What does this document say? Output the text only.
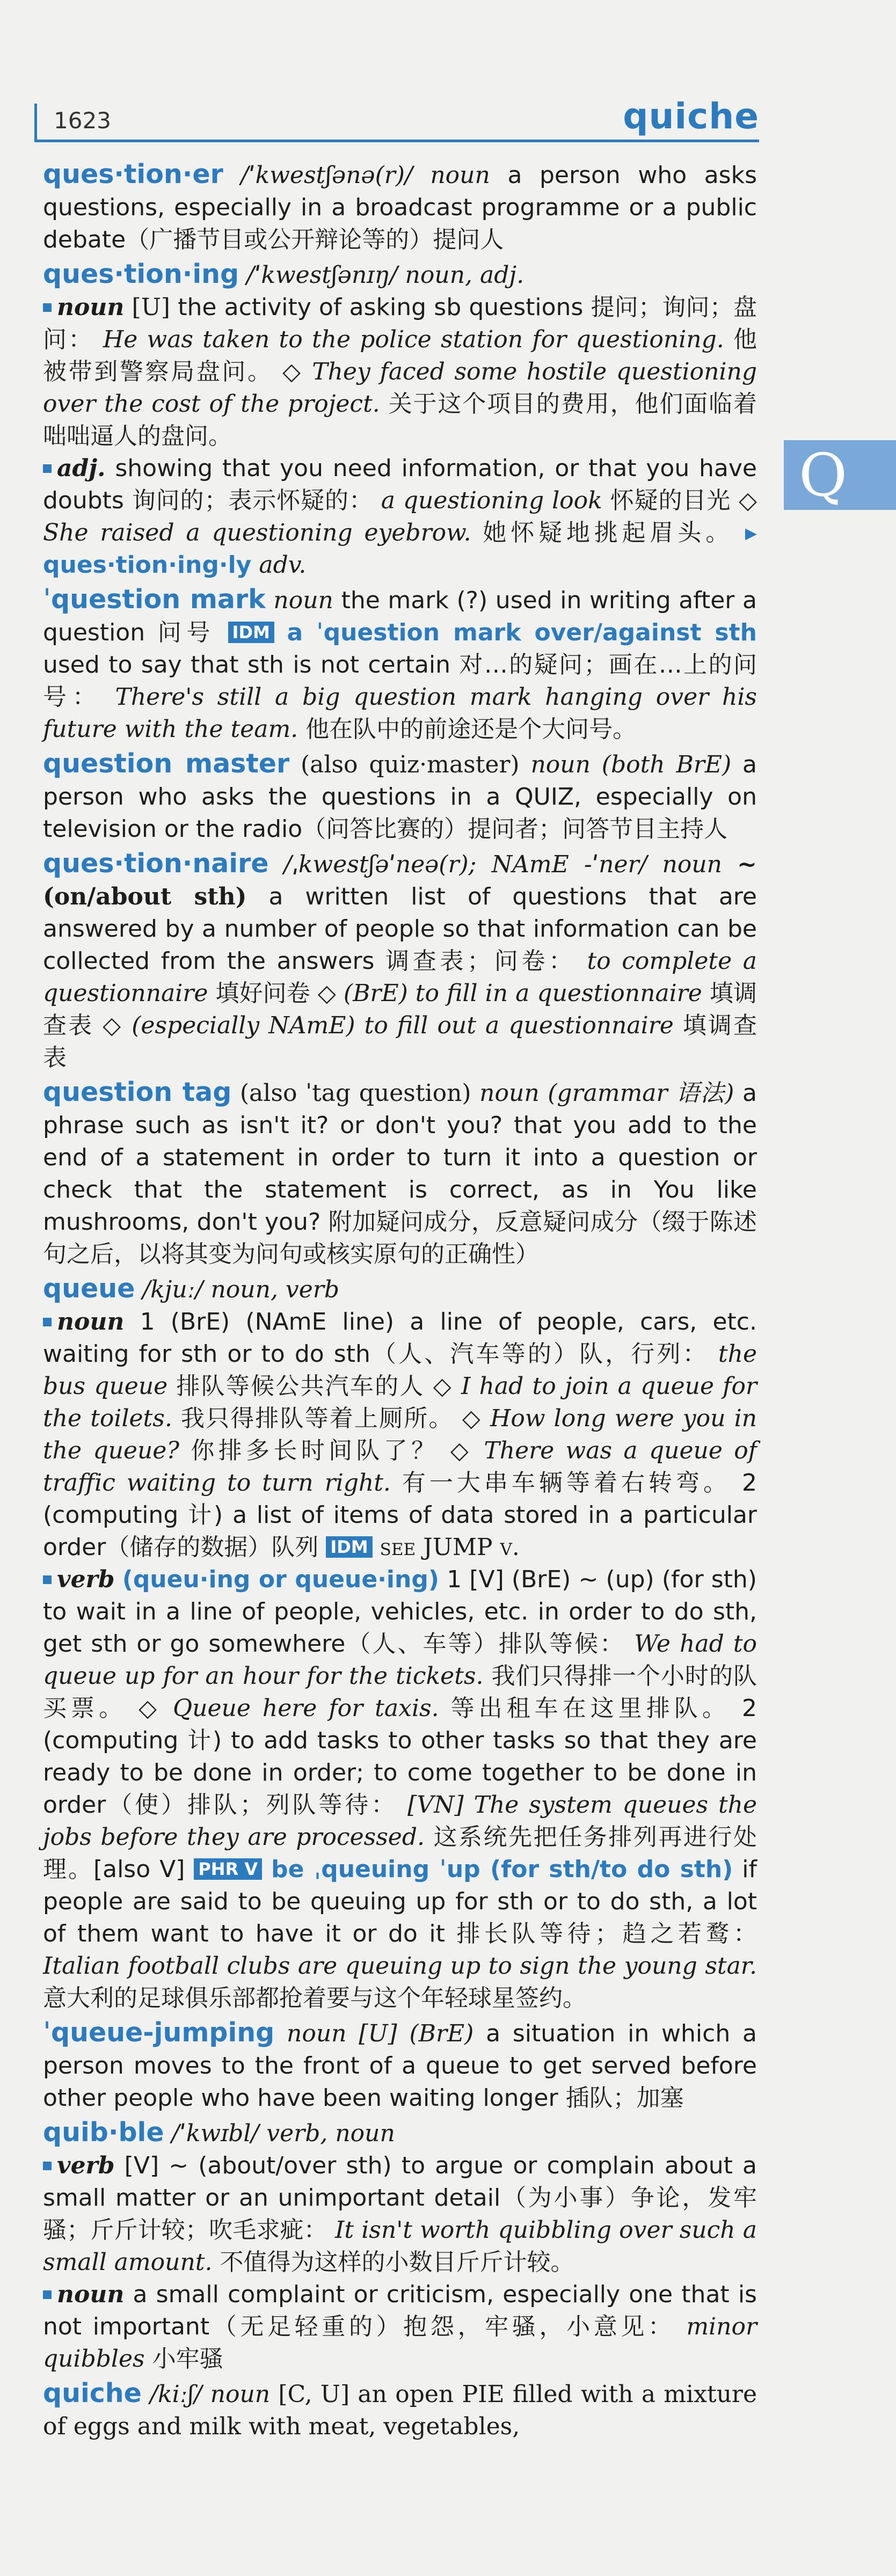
1623	quiche
Q
ques·tion·er /ˈkwestʃənə(r)/ noun a person who asks questions, especially in a broadcast programme or a public debate（广播节目或公开辩论等的）提问人
ques·tion·ing /ˈkwestʃənɪŋ/ noun, adj.
noun [U] the activity of asking sb questions 提问；询问；盘问： He was taken to the police station for questioning. 他被带到警察局盘问。 ◇ They faced some hostile questioning over the cost of the project. 关于这个项目的费用，他们面临着咄咄逼人的盘问。
adj. showing that you need information, or that you have doubts 询问的；表示怀疑的： a questioning look 怀疑的目光 ◇ She raised a questioning eyebrow. 她怀疑地挑起眉头。 ▸ ques·tion·ing·ly adv.
ˈquestion mark noun the mark (?) used in writing after a question 问号 IDM a ˈquestion mark over/against sth used to say that sth is not certain 对…的疑问；画在…上的问号： There's still a big question mark hanging over his future with the team. 他在队中的前途还是个大问号。
question master (also quiz·master) noun (both BrE) a person who asks the questions in a QUIZ, especially on television or the radio（问答比赛的）提问者；问答节目主持人
ques·tion·naire /ˌkwestʃəˈneə(r); NAmE -ˈner/ noun ~ (on/about sth) a written list of questions that are answered by a number of people so that information can be collected from the answers 调查表；问卷： to complete a questionnaire 填好问卷 ◇ (BrE) to fill in a questionnaire 填调查表 ◇ (especially NAmE) to fill out a questionnaire 填调查表
question tag (also ˈtag question) noun (grammar 语法) a phrase such as isn't it? or don't you? that you add to the end of a statement in order to turn it into a question or check that the statement is correct, as in You like mushrooms, don't you? 附加疑问成分，反意疑问成分（缀于陈述句之后，以将其变为问句或核实原句的正确性）
queue /kjuː/ noun, verb
noun 1 (BrE) (NAmE line) a line of people, cars, etc. waiting for sth or to do sth（人、汽车等的）队，行列： the bus queue 排队等候公共汽车的人 ◇ I had to join a queue for the toilets. 我只得排队等着上厕所。 ◇ How long were you in the queue? 你排多长时间队了？ ◇ There was a queue of traffic waiting to turn right. 有一大串车辆等着右转弯。 2 (computing 计) a list of items of data stored in a particular order（储存的数据）队列 IDM see JUMP v.
verb (queu·ing or queue·ing) 1 [V] (BrE) ~ (up) (for sth) to wait in a line of people, vehicles, etc. in order to do sth, get sth or go somewhere（人、车等）排队等候： We had to queue up for an hour for the tickets. 我们只得排一个小时的队买票。 ◇ Queue here for taxis. 等出租车在这里排队。 2 (computing 计) to add tasks to other tasks so that they are ready to be done in order; to come together to be done in order（使）排队；列队等待： [VN] The system queues the jobs before they are processed. 这系统先把任务排列再进行处理。[also V] PHR V be ˌqueuing ˈup (for sth/to do sth) if people are said to be queuing up for sth or to do sth, a lot of them want to have it or do it 排长队等待；趋之若鹜： Italian football clubs are queuing up to sign the young star. 意大利的足球俱乐部都抢着要与这个年轻球星签约。
ˈqueue-jumping noun [U] (BrE) a situation in which a person moves to the front of a queue to get served before other people who have been waiting longer 插队；加塞
quib·ble /ˈkwɪbl/ verb, noun
verb [V] ~ (about/over sth) to argue or complain about a small matter or an unimportant detail（为小事）争论，发牢骚；斤斤计较；吹毛求疵： It isn't worth quibbling over such a small amount. 不值得为这样的小数目斤斤计较。
noun a small complaint or criticism, especially one that is not important（无足轻重的）抱怨，牢骚，小意见： minor quibbles 小牢骚
quiche /kiːʃ/ noun [C, U] an open PIE filled with a mixture of eggs and milk with meat, vegetables,
